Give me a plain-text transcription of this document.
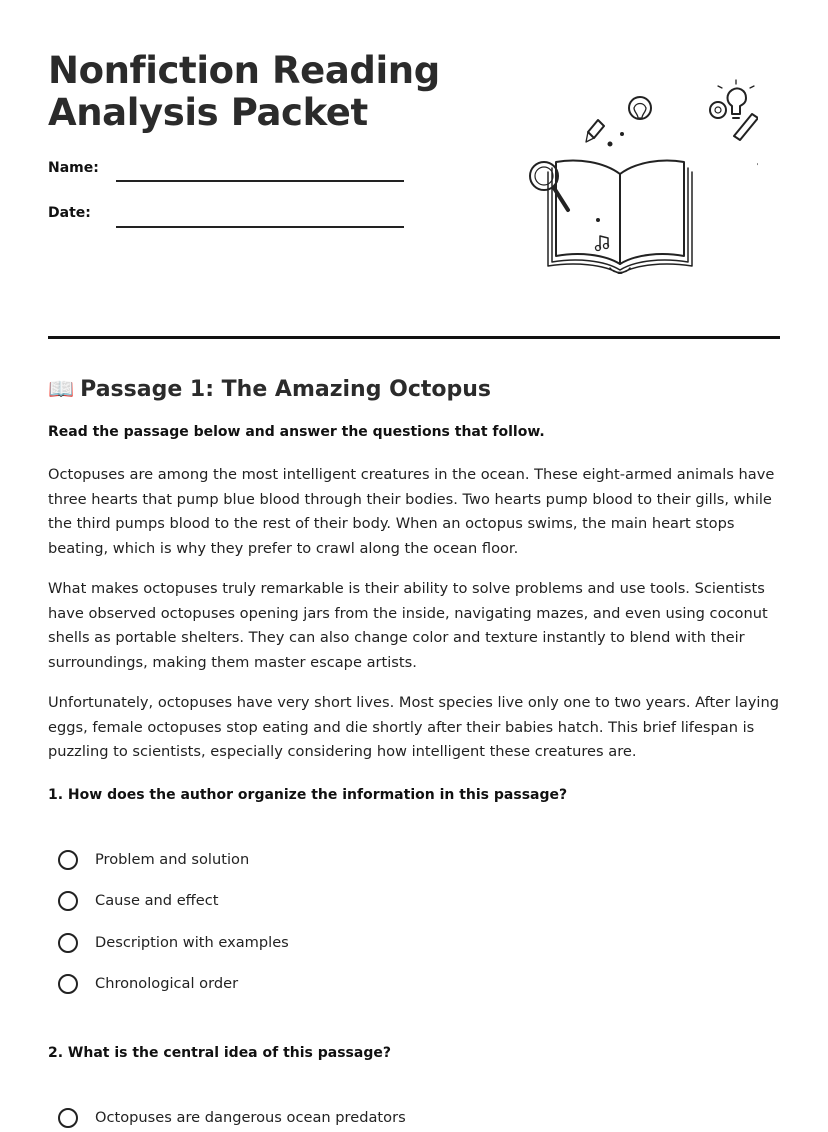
Nonfiction Reading
Analysis Packet
Name:
Date:
📖 Passage 1: The Amazing Octopus

Read the passage below and answer the questions that follow.

Octopuses are among the most intelligent creatures in the ocean. These eight-armed animals have three hearts that pump blue blood through their bodies. Two hearts pump blood to their gills, while the third pumps blood to the rest of their body. When an octopus swims, the main heart stops beating, which is why they prefer to crawl along the ocean floor.

What makes octopuses truly remarkable is their ability to solve problems and use tools. Scientists have observed octopuses opening jars from the inside, navigating mazes, and even using coconut shells as portable shelters. They can also change color and texture instantly to blend with their surroundings, making them master escape artists.

Unfortunately, octopuses have very short lives. Most species live only one to two years. After laying eggs, female octopuses stop eating and die shortly after their babies hatch. This brief lifespan is puzzling to scientists, especially considering how intelligent these creatures are.

1. How does the author organize the information in this passage?

Problem and solution
Cause and effect
Description with examples
Chronological order

2. What is the central idea of this passage?

Octopuses are dangerous ocean predators
